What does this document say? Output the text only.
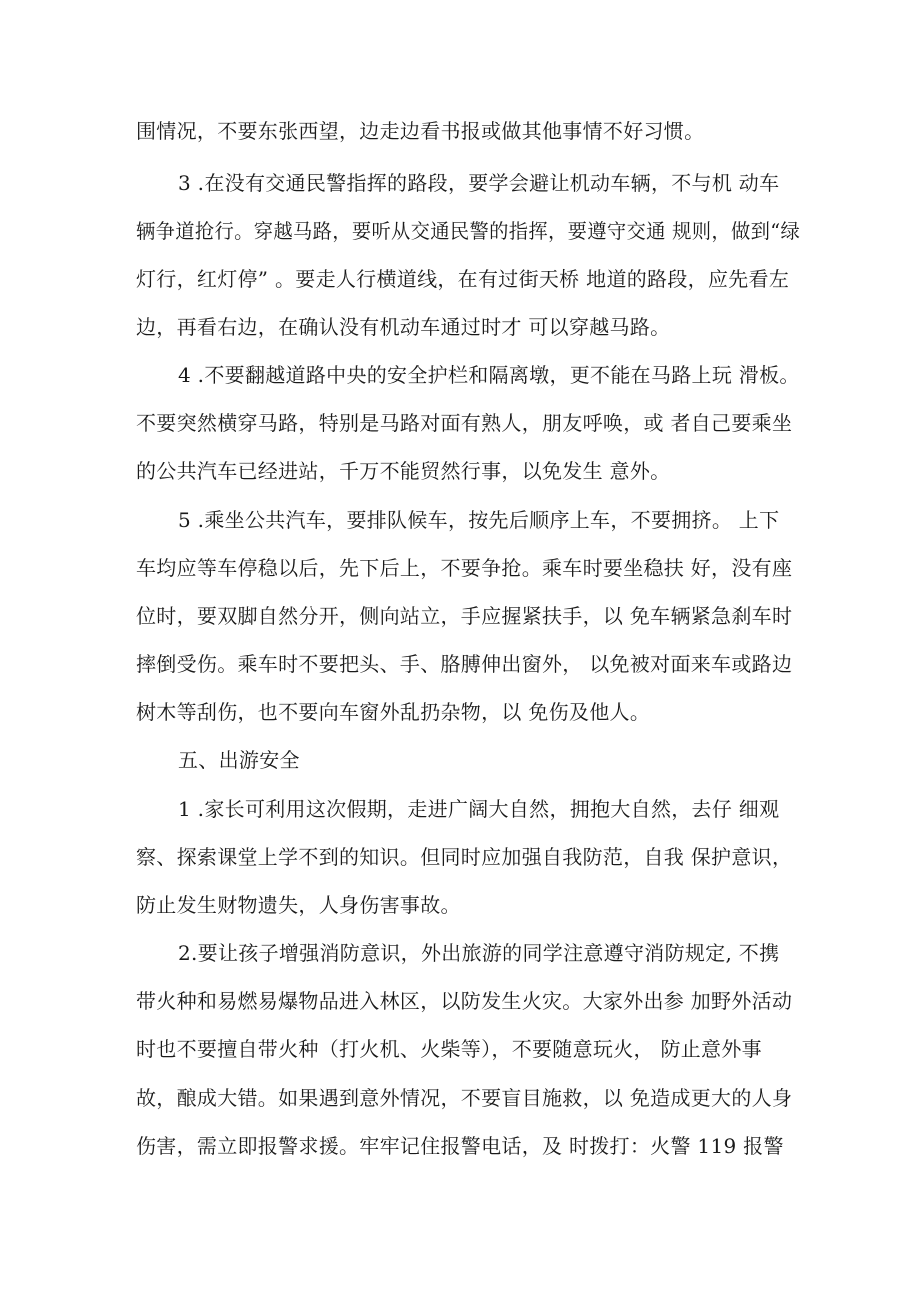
围情况，不要东张西望，边走边看书报或做其他事情不好习惯。
3 .在没有交通民警指挥的路段，要学会避让机动车辆，不与机 动车
辆争道抢行。穿越马路，要听从交通民警的指挥，要遵守交通 规则，做到“绿
灯行，红灯停” 。要走人行横道线，在有过街天桥 地道的路段，应先看左
边，再看右边，在确认没有机动车通过时才 可以穿越马路。
4 .不要翻越道路中央的安全护栏和隔离墩，更不能在马路上玩 滑板。
不要突然横穿马路，特别是马路对面有熟人，朋友呼唤，或 者自己要乘坐
的公共汽车已经进站，千万不能贸然行事，以免发生 意外。
5 .乘坐公共汽车，要排队候车，按先后顺序上车，不要拥挤。 上下
车均应等车停稳以后，先下后上，不要争抢。乘车时要坐稳扶 好，没有座
位时，要双脚自然分开，侧向站立，手应握紧扶手，以 免车辆紧急刹车时
摔倒受伤。乘车时不要把头、手、胳膊伸出窗外， 以免被对面来车或路边
树木等刮伤，也不要向车窗外乱扔杂物，以 免伤及他人。
五、出游安全
1 .家长可利用这次假期，走进广阔大自然，拥抱大自然，去仔 细观
察、探索课堂上学不到的知识。但同时应加强自我防范，自我 保护意识，
防止发生财物遗失，人身伤害事故。
2.要让孩子增强消防意识，外出旅游的同学注意遵守消防规定, 不携
带火种和易燃易爆物品进入林区，以防发生火灾。大家外出参 加野外活动
时也不要擅自带火种（打火机、火柴等），不要随意玩火， 防止意外事
故，酿成大错。如果遇到意外情况，不要盲目施救，以 免造成更大的人身
伤害，需立即报警求援。牢牢记住报警电话，及 时拨打：火警 119 报警
